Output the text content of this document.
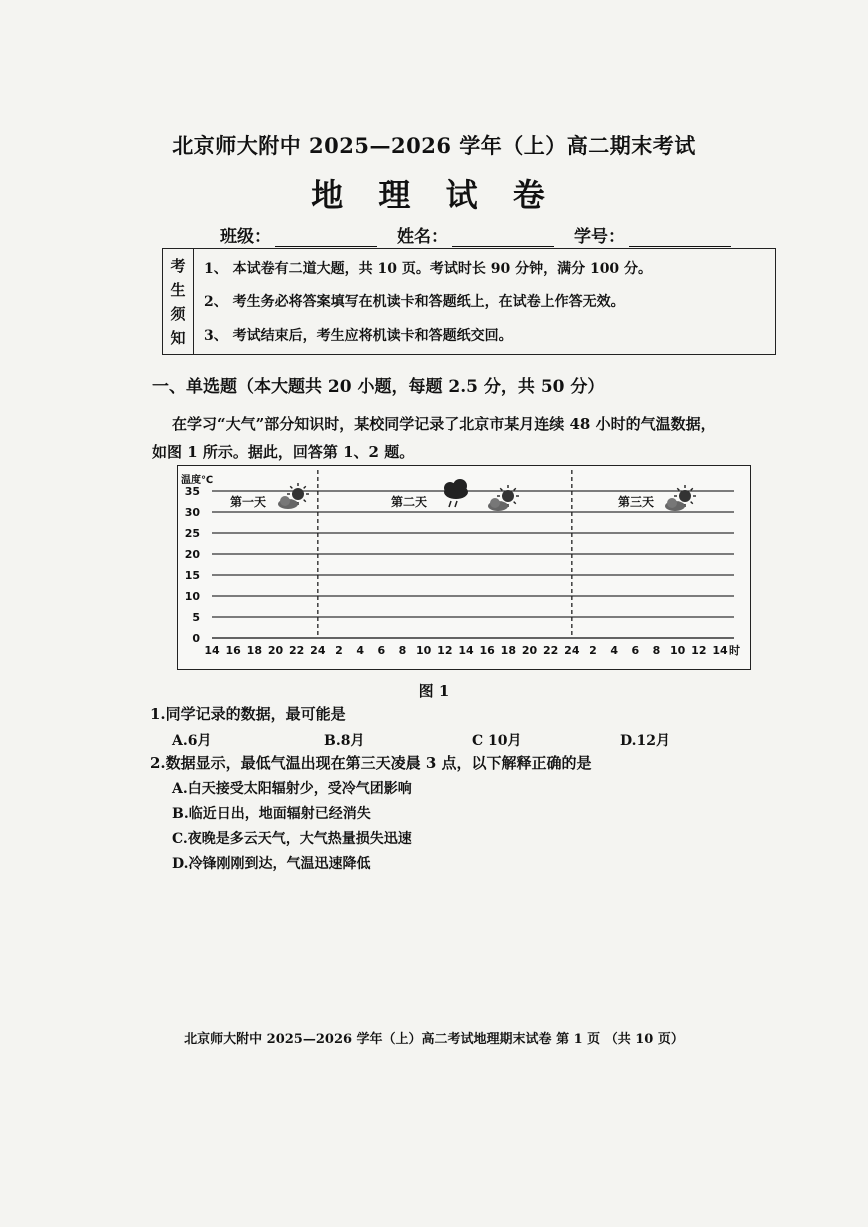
北京师大附中 2025—2026 学年（上）高二期末考试
地 理 试 卷
班级：	姓名：	学号：
考
生
须
知
1、 本试卷有二道大题，共 10 页。考试时长 90 分钟，满分 100 分。
2、 考生务必将答案填写在机读卡和答题纸上，在试卷上作答无效。
3、 考试结束后，考生应将机读卡和答题纸交回。
一、单选题（本大题共 20 小题，每题 2.5 分，共 50 分）
在学习“大气”部分知识时，某校同学记录了北京市某月连续 48 小时的气温数据，
如图 1 所示。据此，回答第 1、2 题。
35
30
25
20
15
10
5
0
温度℃
14 16 18 20 22 24 2 4 6 8 10 12 14 16 18 20 22 24 2 4 6 8 10 12 14 时
第一天	第二天	第三天
图 1
1.同学记录的数据，最可能是
A.6月	B.8月	C 10月	D.12月
2.数据显示，最低气温出现在第三天凌晨 3 点，以下解释正确的是
A.白天接受太阳辐射少，受冷气团影响
B.临近日出，地面辐射已经消失
C.夜晚是多云天气，大气热量损失迅速
D.冷锋刚刚到达，气温迅速降低
北京师大附中 2025—2026 学年（上）高二考试地理期末试卷 第 1 页 （共 10 页）
